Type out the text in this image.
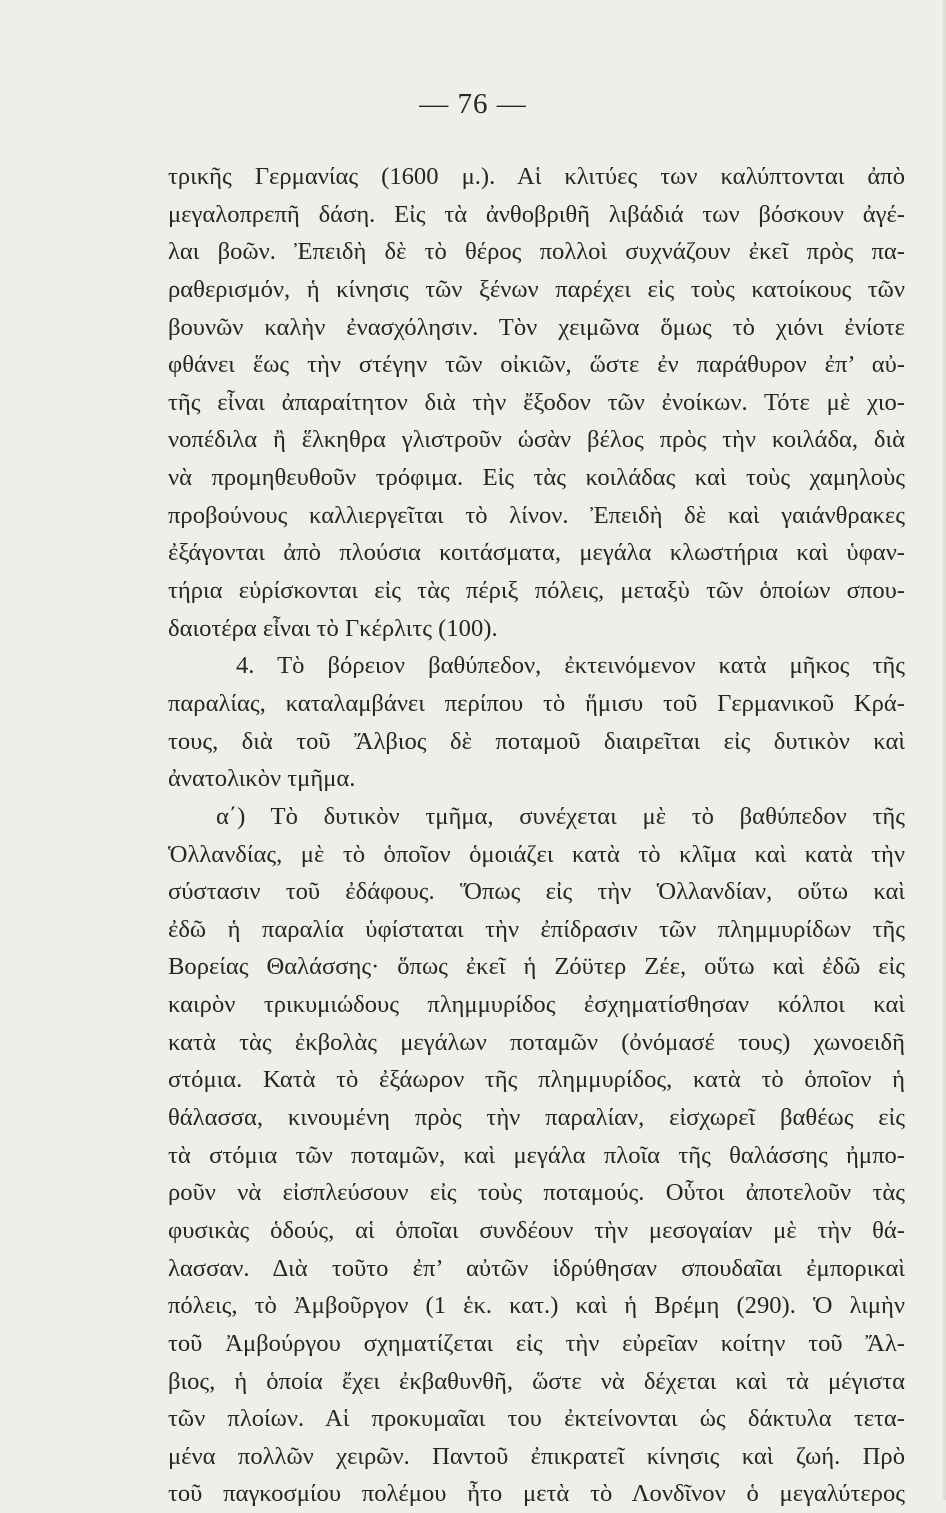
— 76 —
τρικῆς Γερμανίας (1600 μ.). Αἱ κλιτύες των καλύπτονται ἀπὸ
μεγαλοπρεπῆ δάση. Εἰς τὰ ἀνθοβριθῆ λιβάδιά των βόσκουν ἀγέ-
λαι βοῶν. Ἐπειδὴ δὲ τὸ θέρος πολλοὶ συχνάζουν ἐκεῖ πρὸς πα-
ραθερισμόν, ἡ κίνησις τῶν ξένων παρέχει εἰς τοὺς κατοίκους τῶν
βουνῶν καλὴν ἐνασχόλησιν. Τὸν χειμῶνα ὅμως τὸ χιόνι ἐνίοτε
φθάνει ἕως τὴν στέγην τῶν οἰκιῶν, ὥστε ἐν παράθυρον ἐπ’ αὐ-
τῆς εἶναι ἀπαραίτητον διὰ τὴν ἔξοδον τῶν ἐνοίκων. Τότε μὲ χιο-
νοπέδιλα ἢ ἕλκηθρα γλιστροῦν ὡσὰν βέλος πρὸς τὴν κοιλάδα, διὰ
νὰ προμηθευθοῦν τρόφιμα. Εἰς τὰς κοιλάδας καὶ τοὺς χαμηλοὺς
προβούνους καλλιεργεῖται τὸ λίνον. Ἐπειδὴ δὲ καὶ γαιάνθρακες
ἐξάγονται ἀπὸ πλούσια κοιτάσματα, μεγάλα κλωστήρια καὶ ὑφαν-
τήρια εὑρίσκονται εἰς τὰς πέριξ πόλεις, μεταξὺ τῶν ὁποίων σπου-
δαιοτέρα εἶναι τὸ Γκέρλιτς (100).
4. Τὸ βόρειον βαθύπεδον, ἐκτεινόμενον κατὰ μῆκος τῆς
παραλίας, καταλαμβάνει περίπου τὸ ἥμισυ τοῦ Γερμανικοῦ Κρά-
τους, διὰ τοῦ Ἄλβιος δὲ ποταμοῦ διαιρεῖται εἰς δυτικὸν καὶ
ἀνατολικὸν τμῆμα.
α΄) Τὸ δυτικὸν τμῆμα, συνέχεται μὲ τὸ βαθύπεδον τῆς
Ὁλλανδίας, μὲ τὸ ὁποῖον ὁμοιάζει κατὰ τὸ κλῖμα καὶ κατὰ τὴν
σύστασιν τοῦ ἐδάφους. Ὅπως εἰς τὴν Ὁλλανδίαν, οὕτω καὶ
ἐδῶ ἡ παραλία ὑφίσταται τὴν ἐπίδρασιν τῶν πλημμυρίδων τῆς
Βορείας Θαλάσσης· ὅπως ἐκεῖ ἡ Ζόϋτερ Ζέε, οὕτω καὶ ἐδῶ εἰς
καιρὸν τρικυμιώδους πλημμυρίδος ἐσχηματίσθησαν κόλποι καὶ
κατὰ τὰς ἐκβολὰς μεγάλων ποταμῶν (ὀνόμασέ τους) χωνοειδῆ
στόμια. Κατὰ τὸ ἐξάωρον τῆς πλημμυρίδος, κατὰ τὸ ὁποῖον ἡ
θάλασσα, κινουμένη πρὸς τὴν παραλίαν, εἰσχωρεῖ βαθέως εἰς
τὰ στόμια τῶν ποταμῶν, καὶ μεγάλα πλοῖα τῆς θαλάσσης ἠμπο-
ροῦν νὰ εἰσπλεύσουν εἰς τοὺς ποταμούς. Οὗτοι ἀποτελοῦν τὰς
φυσικὰς ὁδούς, αἱ ὁποῖαι συνδέουν τὴν μεσογαίαν μὲ τὴν θά-
λασσαν. Διὰ τοῦτο ἐπ’ αὐτῶν ἱδρύθησαν σπουδαῖαι ἐμπορικαὶ
πόλεις, τὸ Ἀμβοῦργον (1 ἑκ. κατ.) καὶ ἡ Βρέμη (290). Ὁ λιμὴν
τοῦ Ἀμβούργου σχηματίζεται εἰς τὴν εὐρεῖαν κοίτην τοῦ Ἄλ-
βιος, ἡ ὁποία ἔχει ἐκβαθυνθῆ, ὥστε νὰ δέχεται καὶ τὰ μέγιστα
τῶν πλοίων. Αἱ προκυμαῖαι του ἐκτείνονται ὡς δάκτυλα τετα-
μένα πολλῶν χειρῶν. Παντοῦ ἐπικρατεῖ κίνησις καὶ ζωή. Πρὸ
τοῦ παγκοσμίου πολέμου ἦτο μετὰ τὸ Λονδῖνον ὁ μεγαλύτερος
